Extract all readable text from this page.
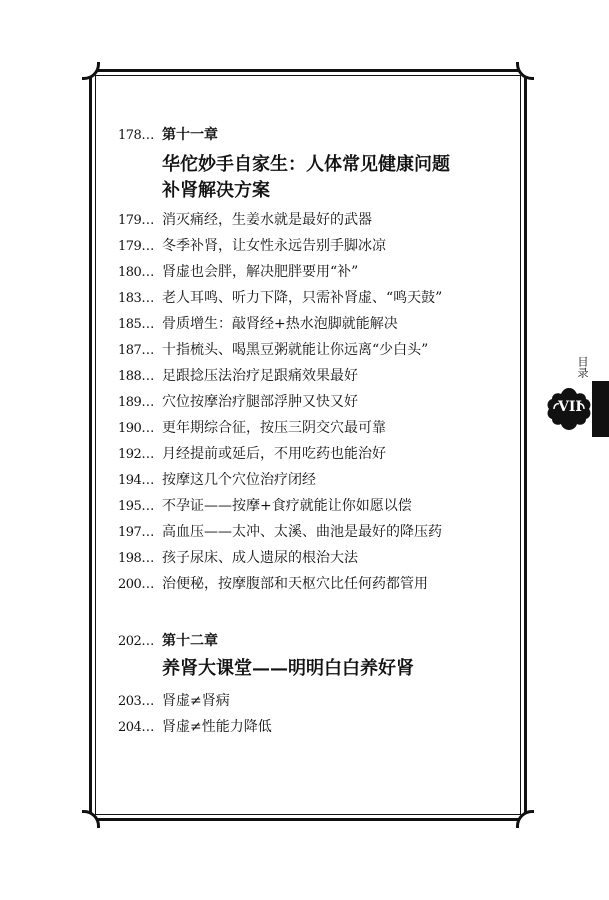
178… 第十一章
华佗妙手自家生：人体常见健康问题补肾解决方案
179… 消灭痛经，生姜水就是最好的武器
179… 冬季补肾，让女性永远告别手脚冰凉
180… 肾虚也会胖，解决肥胖要用“补”
183… 老人耳鸣、听力下降，只需补肾虚、“鸣天鼓”
185… 骨质增生：敲肾经+热水泡脚就能解决
187… 十指梳头、喝黑豆粥就能让你远离“少白头”
188… 足跟捻压法治疗足跟痛效果最好
189… 穴位按摩治疗腿部浮肿又快又好
190… 更年期综合征，按压三阴交穴最可靠
192… 月经提前或延后，不用吃药也能治好
194… 按摩这几个穴位治疗闭经
195… 不孕证——按摩+食疗就能让你如愿以偿
197… 高血压——太冲、太溪、曲池是最好的降压药
198… 孩子尿床、成人遗尿的根治大法
200… 治便秘，按摩腹部和天枢穴比任何药都管用
202… 第十二章
养肾大课堂——明明白白养好肾
203… 肾虚≠肾病
204… 肾虚≠性能力降低
目录
VII
